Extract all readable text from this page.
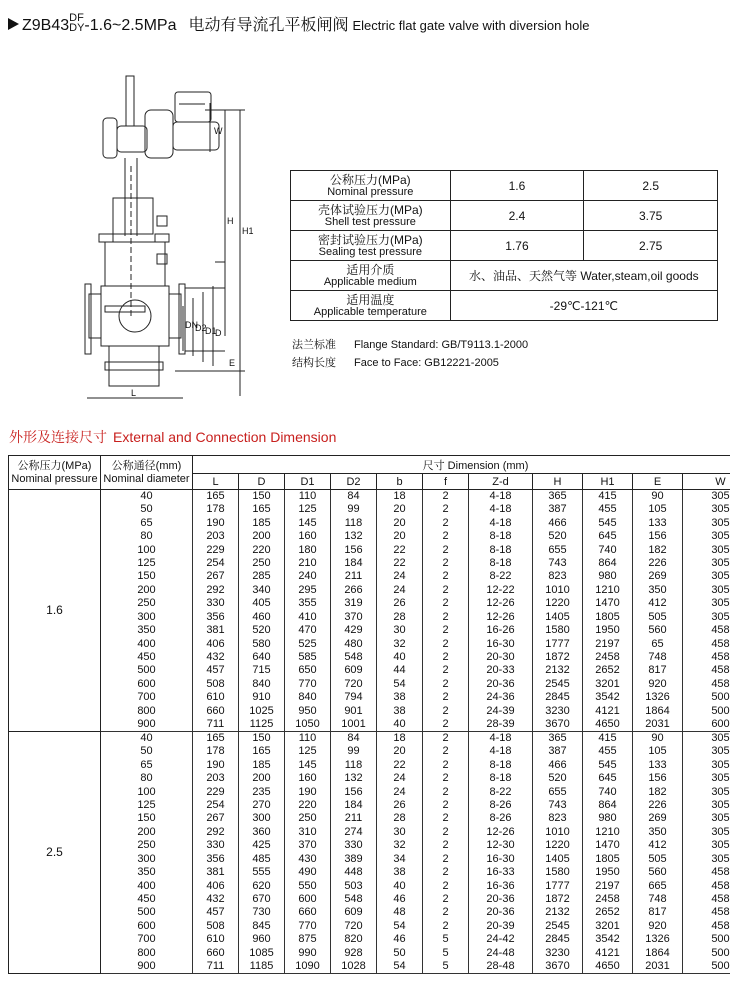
Z9B43 DF
DY -1.6~2.5MPa 电动有导流孔平板闸阀 Electric flat gate valve with diversion hole
W
H
H1
DN
D2
D1
D
E
L
公称压力(MPa)
Nominal pressure	1.6	2.5

壳体试验压力(MPa)
Shell test pressure	2.4	3.75

密封试验压力(MPa)
Sealing test pressure	1.76	2.75

适用介质
Applicable medium	水、油品、天然气等 Water,steam,oil goods	

适用温度
Applicable temperature	-29℃-121℃	
法兰标准 Flange Standard: GB/T9113.1-2000
结构长度 Face to Face: GB12221-2005
外形及连接尺寸 External and Connection Dimension
公称压力(MPa)
Nominal pressure	公称通径(mm)
Nominal diameter	尺寸 Dimension (mm)										
		L	D	D1	D2	b	f	Z-d	H	H1	E	W
1.6	40	165	150	110	84	18	2	4-18	365	415	90	305
	50	178	165	125	99	20	2	4-18	387	455	105	305
	65	190	185	145	118	20	2	4-18	466	545	133	305
	80	203	200	160	132	20	2	8-18	520	645	156	305
	100	229	220	180	156	22	2	8-18	655	740	182	305
	125	254	250	210	184	22	2	8-18	743	864	226	305
	150	267	285	240	211	24	2	8-22	823	980	269	305
	200	292	340	295	266	24	2	12-22	1010	1210	350	305
	250	330	405	355	319	26	2	12-26	1220	1470	412	305
	300	356	460	410	370	28	2	12-26	1405	1805	505	305
	350	381	520	470	429	30	2	16-26	1580	1950	560	458
	400	406	580	525	480	32	2	16-30	1777	2197	65	458
	450	432	640	585	548	40	2	20-30	1872	2458	748	458
	500	457	715	650	609	44	2	20-33	2132	2652	817	458
	600	508	840	770	720	54	2	20-36	2545	3201	920	458
	700	610	910	840	794	38	2	24-36	2845	3542	1326	500
	800	660	1025	950	901	38	2	24-39	3230	4121	1864	500
	900	711	1125	1050	1001	40	2	28-39	3670	4650	2031	600
2.5	40	165	150	110	84	18	2	4-18	365	415	90	305
	50	178	165	125	99	20	2	4-18	387	455	105	305
	65	190	185	145	118	22	2	8-18	466	545	133	305
	80	203	200	160	132	24	2	8-18	520	645	156	305
	100	229	235	190	156	24	2	8-22	655	740	182	305
	125	254	270	220	184	26	2	8-26	743	864	226	305
	150	267	300	250	211	28	2	8-26	823	980	269	305
	200	292	360	310	274	30	2	12-26	1010	1210	350	305
	250	330	425	370	330	32	2	12-30	1220	1470	412	305
	300	356	485	430	389	34	2	16-30	1405	1805	505	305
	350	381	555	490	448	38	2	16-33	1580	1950	560	458
	400	406	620	550	503	40	2	16-36	1777	2197	665	458
	450	432	670	600	548	46	2	20-36	1872	2458	748	458
	500	457	730	660	609	48	2	20-36	2132	2652	817	458
	600	508	845	770	720	54	2	20-39	2545	3201	920	458
	700	610	960	875	820	46	5	24-42	2845	3542	1326	500
	800	660	1085	990	928	50	5	24-48	3230	4121	1864	500
	900	711	1185	1090	1028	54	5	28-48	3670	4650	2031	500
